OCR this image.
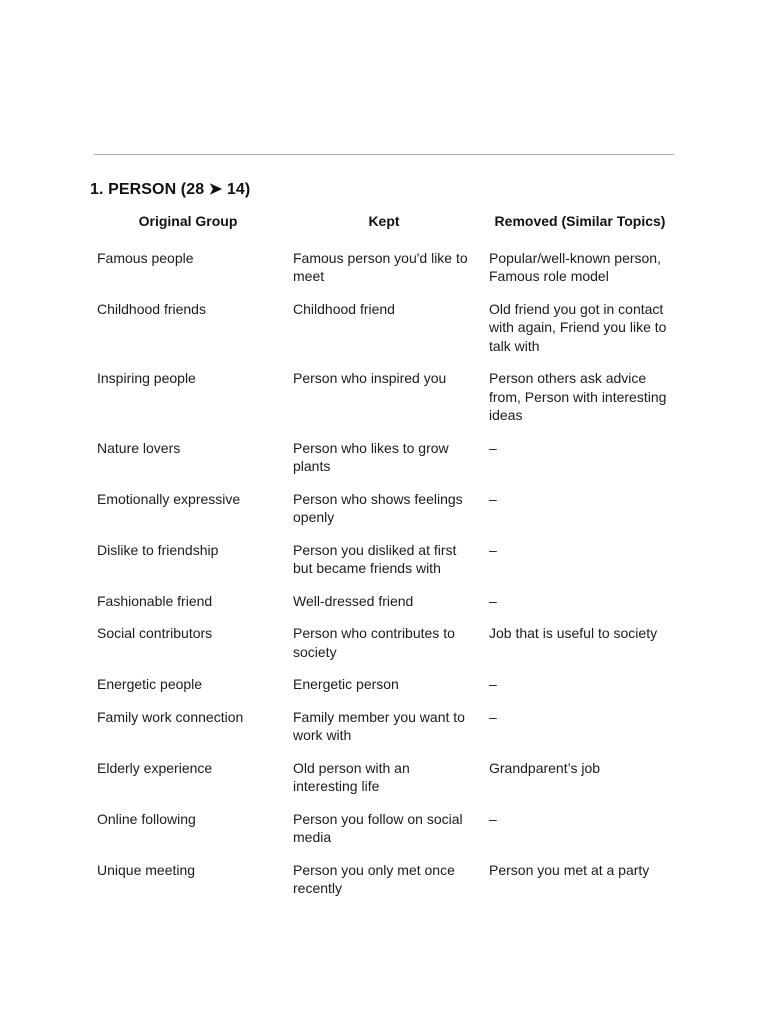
1. PERSON (28 ➤ 14)
Original Group	Kept	Removed (Similar Topics)
Famous people	Famous person you'd like to meet	Popular/well-known person, Famous role model
Childhood friends	Childhood friend	Old friend you got in contact with again, Friend you like to talk with
Inspiring people	Person who inspired you	Person others ask advice from, Person with interesting ideas
Nature lovers	Person who likes to grow plants	–
Emotionally expressive	Person who shows feelings openly	–
Dislike to friendship	Person you disliked at first but became friends with	–
Fashionable friend	Well-dressed friend	–
Social contributors	Person who contributes to society	Job that is useful to society
Energetic people	Energetic person	–
Family work connection	Family member you want to work with	–
Elderly experience	Old person with an interesting life	Grandparent’s job
Online following	Person you follow on social media	–
Unique meeting	Person you only met once recently	Person you met at a party
